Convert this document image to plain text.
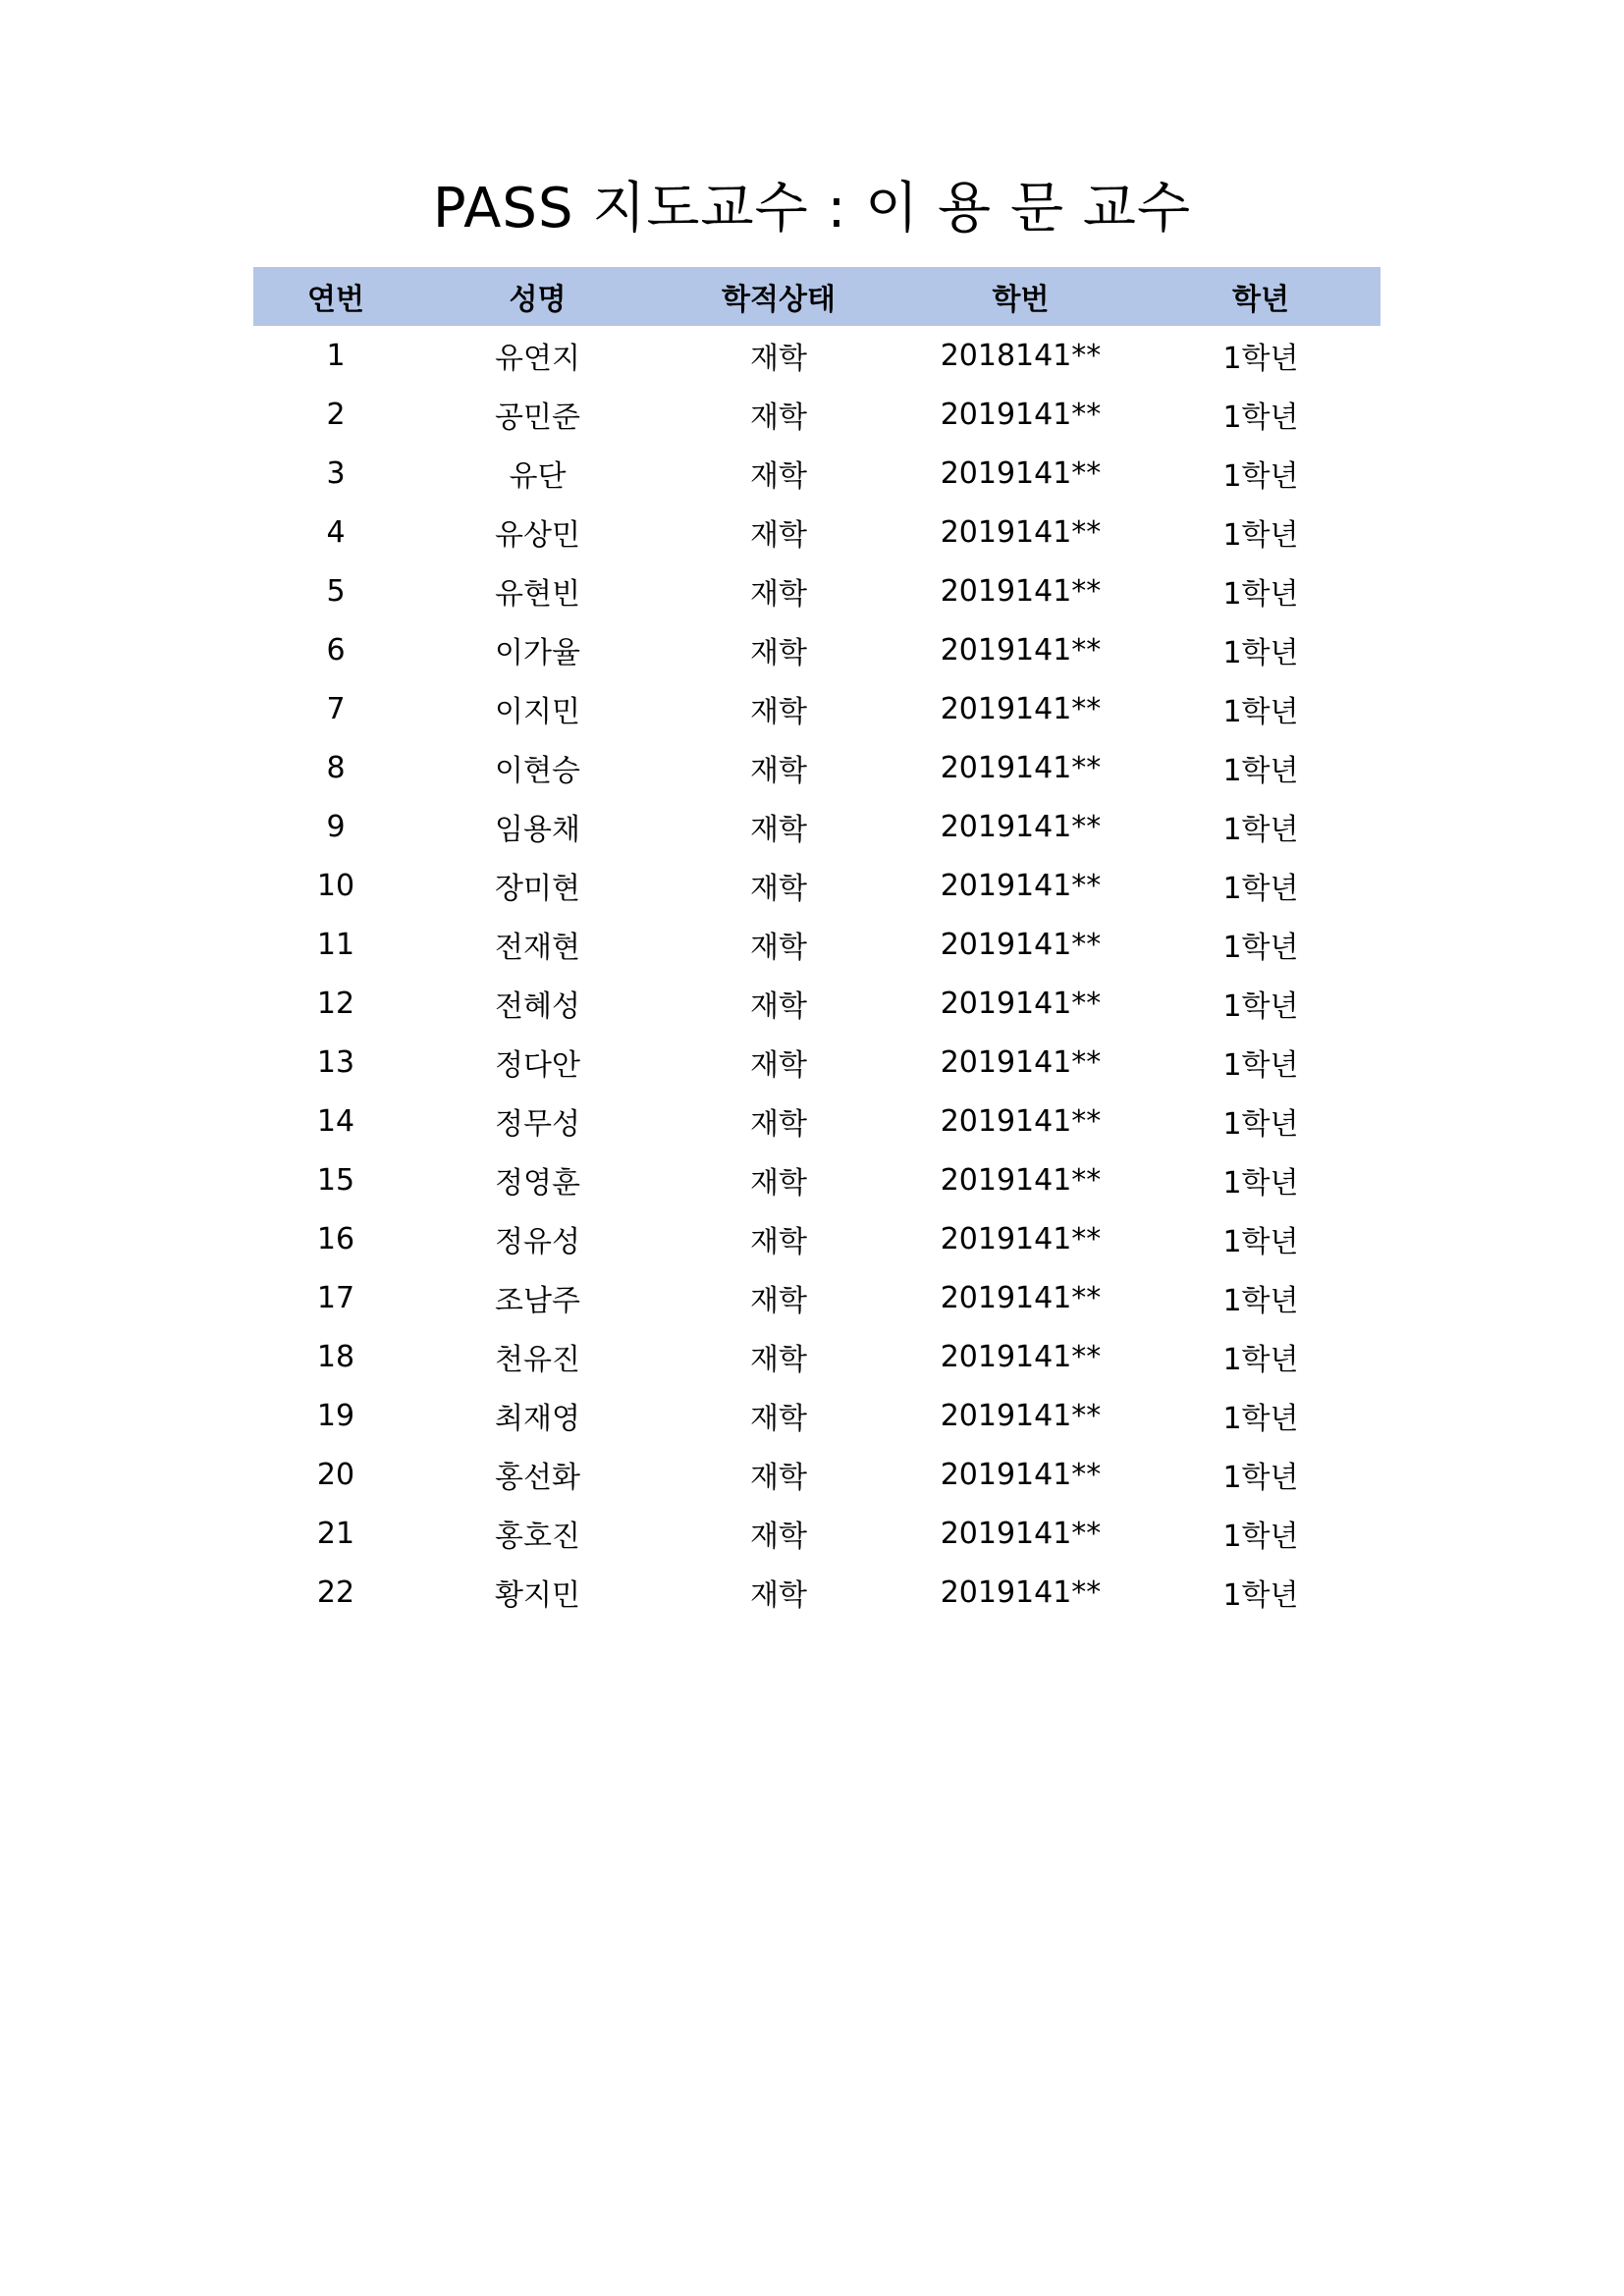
PASS 지도교수 : 이 용 문 교수
연번	성명	학적상태	학번	학년
1	유연지	재학	2018141**	1학년
2	공민준	재학	2019141**	1학년
3	유단	재학	2019141**	1학년
4	유상민	재학	2019141**	1학년
5	유현빈	재학	2019141**	1학년
6	이가율	재학	2019141**	1학년
7	이지민	재학	2019141**	1학년
8	이현승	재학	2019141**	1학년
9	임용채	재학	2019141**	1학년
10	장미현	재학	2019141**	1학년
11	전재현	재학	2019141**	1학년
12	전혜성	재학	2019141**	1학년
13	정다안	재학	2019141**	1학년
14	정무성	재학	2019141**	1학년
15	정영훈	재학	2019141**	1학년
16	정유성	재학	2019141**	1학년
17	조남주	재학	2019141**	1학년
18	천유진	재학	2019141**	1학년
19	최재영	재학	2019141**	1학년
20	홍선화	재학	2019141**	1학년
21	홍호진	재학	2019141**	1학년
22	황지민	재학	2019141**	1학년
